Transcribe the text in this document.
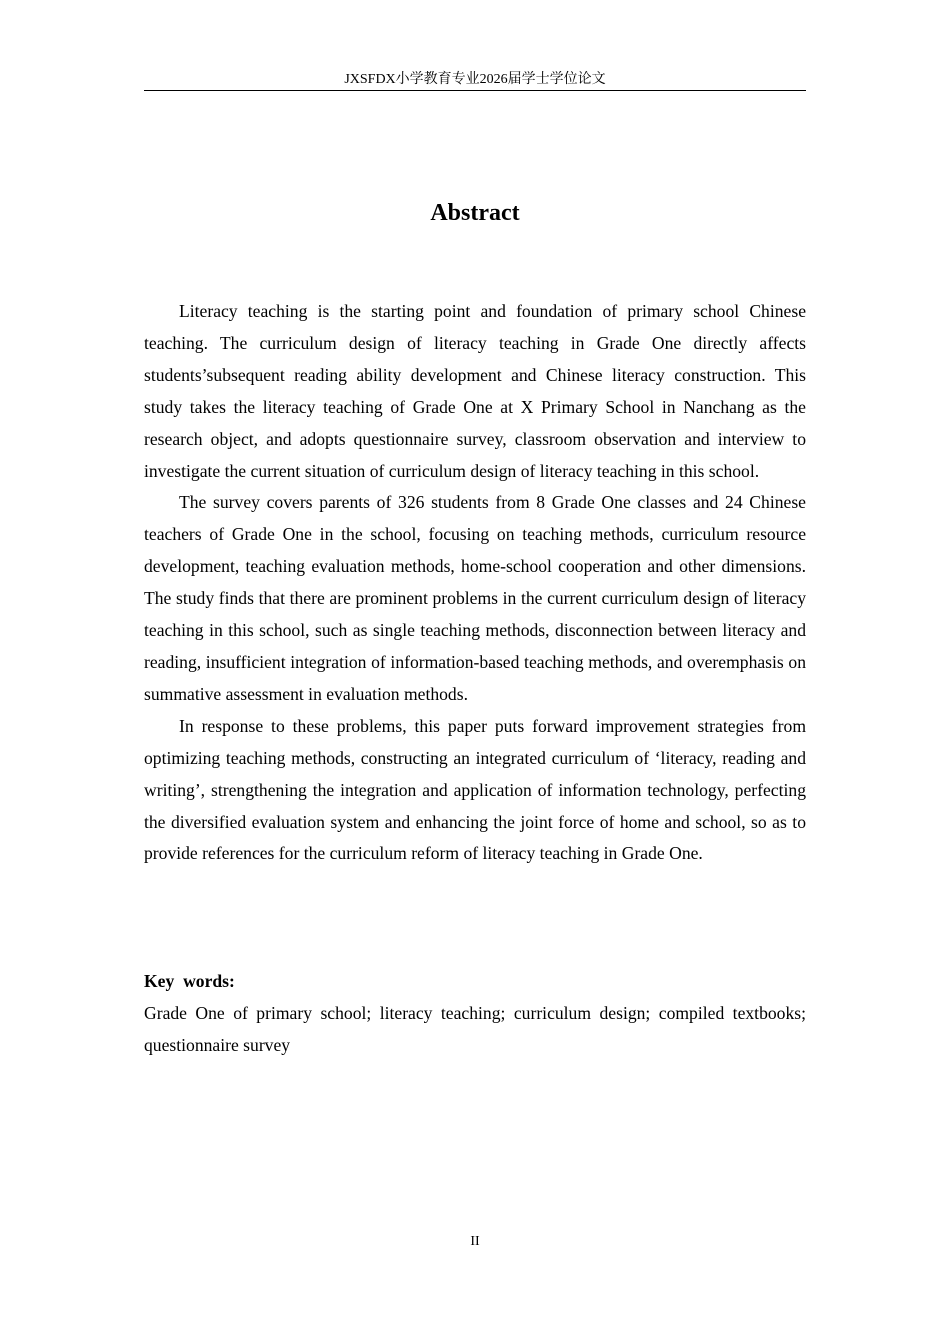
JXSFDX小学教育专业2026届学士学位论文
Abstract

Literacy teaching is the starting point and foundation of primary school Chinese teaching. The curriculum design of literacy teaching in Grade One directly affects students’subsequent reading ability development and Chinese literacy construction. This study takes the literacy teaching of Grade One at X Primary School in Nanchang as the research object, and adopts questionnaire survey, classroom observation and interview to investigate the current situation of curriculum design of literacy teaching in this school.

The survey covers parents of 326 students from 8 Grade One classes and 24 Chinese teachers of Grade One in the school, focusing on teaching methods, curriculum resource development, teaching evaluation methods, home-school cooperation and other dimensions. The study finds that there are prominent problems in the current curriculum design of literacy teaching in this school, such as single teaching methods, disconnection between literacy and reading, insufficient integration of information-based teaching methods, and overemphasis on summative assessment in evaluation methods.

In response to these problems, this paper puts forward improvement strategies from optimizing teaching methods, constructing an integrated curriculum of ‘literacy, reading and writing’, strengthening the integration and application of information technology, perfecting the diversified evaluation system and enhancing the joint force of home and school, so as to provide references for the curriculum reform of literacy teaching in Grade One.

Key  words:

Grade One of primary school; literacy teaching; curriculum design; compiled textbooks; questionnaire survey

II
